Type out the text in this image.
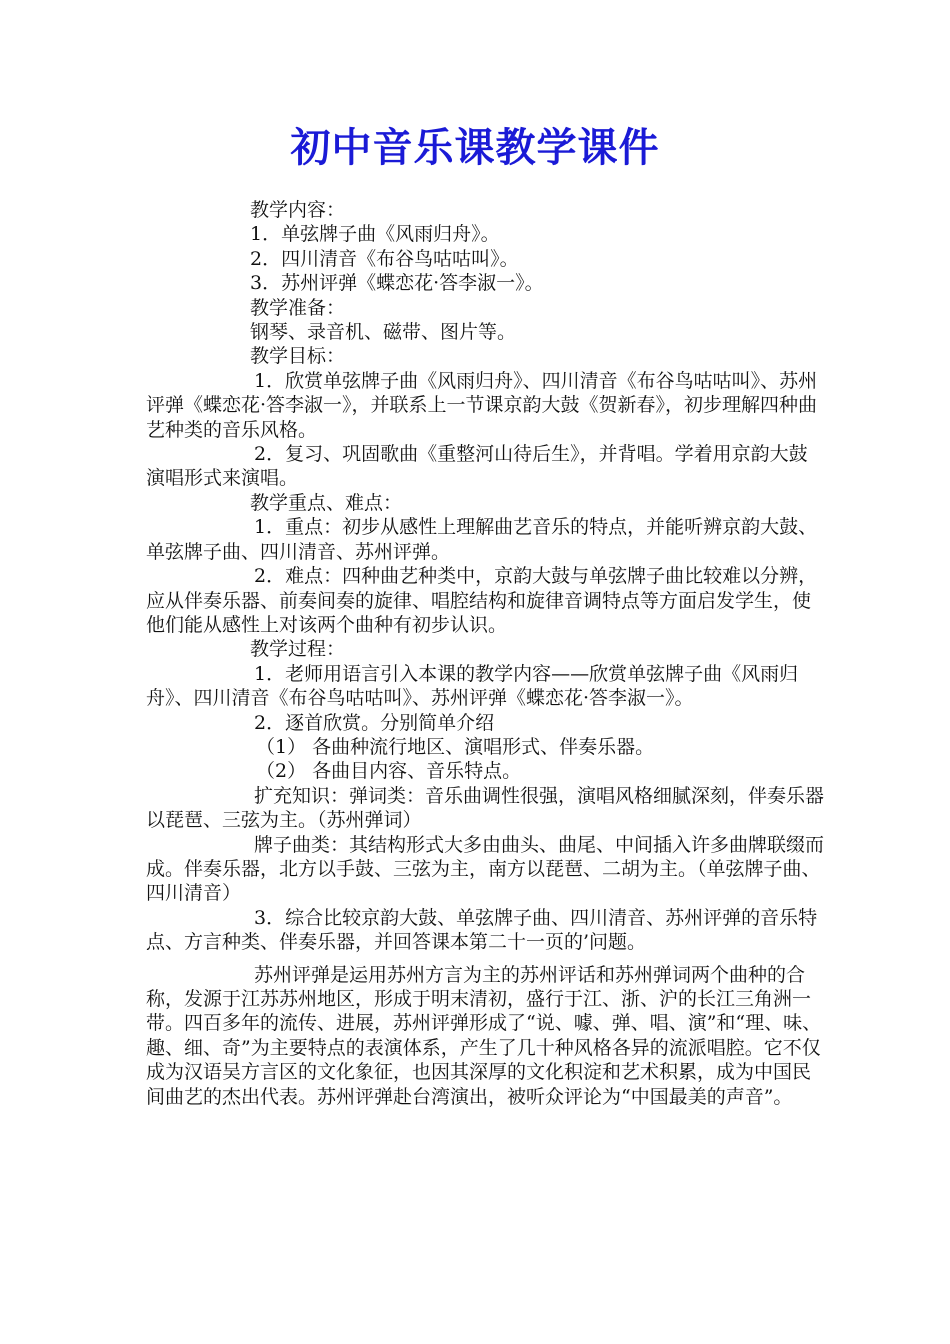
初中音乐课教学课件

教学内容：

1．单弦牌子曲《风雨归舟》。

2．四川清音《布谷鸟咕咕叫》。

3．苏州评弹《蝶恋花·答李淑一》。

教学准备：

钢琴、录音机、磁带、图片等。

教学目标：

1．欣赏单弦牌子曲《风雨归舟》、四川清音《布谷鸟咕咕叫》、苏州评弹《蝶恋花·答李淑一》，并联系上一节课京韵大鼓《贺新春》，初步理解四种曲艺种类的音乐风格。

2．复习、巩固歌曲《重整河山待后生》，并背唱。学着用京韵大鼓演唱形式来演唱。

教学重点、难点：

1．重点：初步从感性上理解曲艺音乐的特点，并能听辨京韵大鼓、单弦牌子曲、四川清音、苏州评弹。

2．难点：四种曲艺种类中，京韵大鼓与单弦牌子曲比较难以分辨，应从伴奏乐器、前奏间奏的旋律、唱腔结构和旋律音调特点等方面启发学生，使他们能从感性上对该两个曲种有初步认识。

教学过程：

1．老师用语言引入本课的教学内容——欣赏单弦牌子曲《风雨归舟》、四川清音《布谷鸟咕咕叫》、苏州评弹《蝶恋花·答李淑一》。

2．逐首欣赏。分别简单介绍

（1） 各曲种流行地区、演唱形式、伴奏乐器。

（2） 各曲目内容、音乐特点。

扩充知识：弹词类：音乐曲调性很强，演唱风格细腻深刻，伴奏乐器以琵琶、三弦为主。（苏州弹词）

牌子曲类：其结构形式大多由曲头、曲尾、中间插入许多曲牌联缀而成。伴奏乐器，北方以手鼓、三弦为主，南方以琵琶、二胡为主。（单弦牌子曲、四川清音）

3．综合比较京韵大鼓、单弦牌子曲、四川清音、苏州评弹的音乐特点、方言种类、伴奏乐器，并回答课本第二十一页的’问题。

苏州评弹是运用苏州方言为主的苏州评话和苏州弹词两个曲种的合称，发源于江苏苏州地区，形成于明末清初，盛行于江、浙、沪的长江三角洲一带。四百多年的流传、进展，苏州评弹形成了“说、噱、弹、唱、演”和“理、味、趣、细、奇”为主要特点的表演体系，产生了几十种风格各异的流派唱腔。它不仅成为汉语吴方言区的文化象征，也因其深厚的文化积淀和艺术积累，成为中国民间曲艺的杰出代表。苏州评弹赴台湾演出，被听众评论为“中国最美的声音”。
